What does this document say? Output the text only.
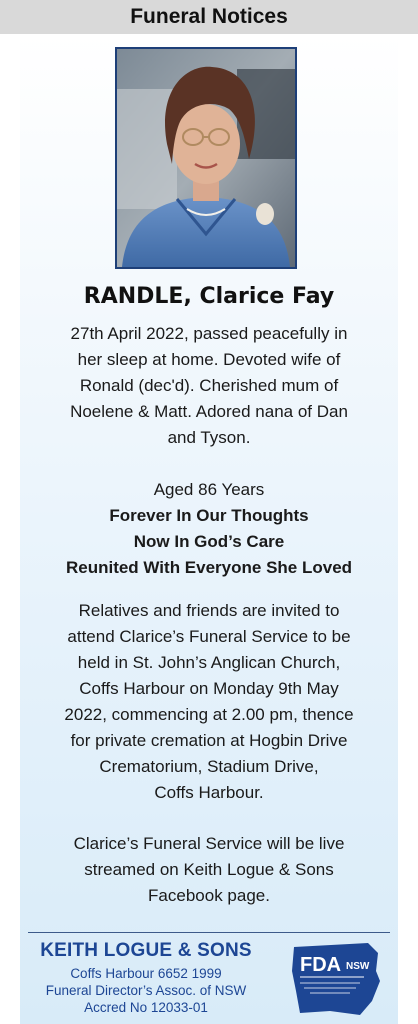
Funeral Notices
RANDLE, Clarice Fay
27th April 2022, passed peacefully in
her sleep at home. Devoted wife of
Ronald (dec'd). Cherished mum of
Noelene & Matt. Adored nana of Dan
and Tyson.
Aged 86 Years
Forever In Our Thoughts
Now In God’s Care
Reunited With Everyone She Loved
Relatives and friends are invited to
attend Clarice’s Funeral Service to be
held in St. John’s Anglican Church,
Coffs Harbour on Monday 9th May
2022, commencing at 2.00 pm, thence
for private cremation at Hogbin Drive
Crematorium, Stadium Drive,
Coffs Harbour.
Clarice’s Funeral Service will be live
streamed on Keith Logue & Sons
Facebook page.
KEITH LOGUE & SONS
Coffs Harbour 6652 1999
Funeral Director’s Assoc. of NSW
Accred No 12033-01
FDA NSW
